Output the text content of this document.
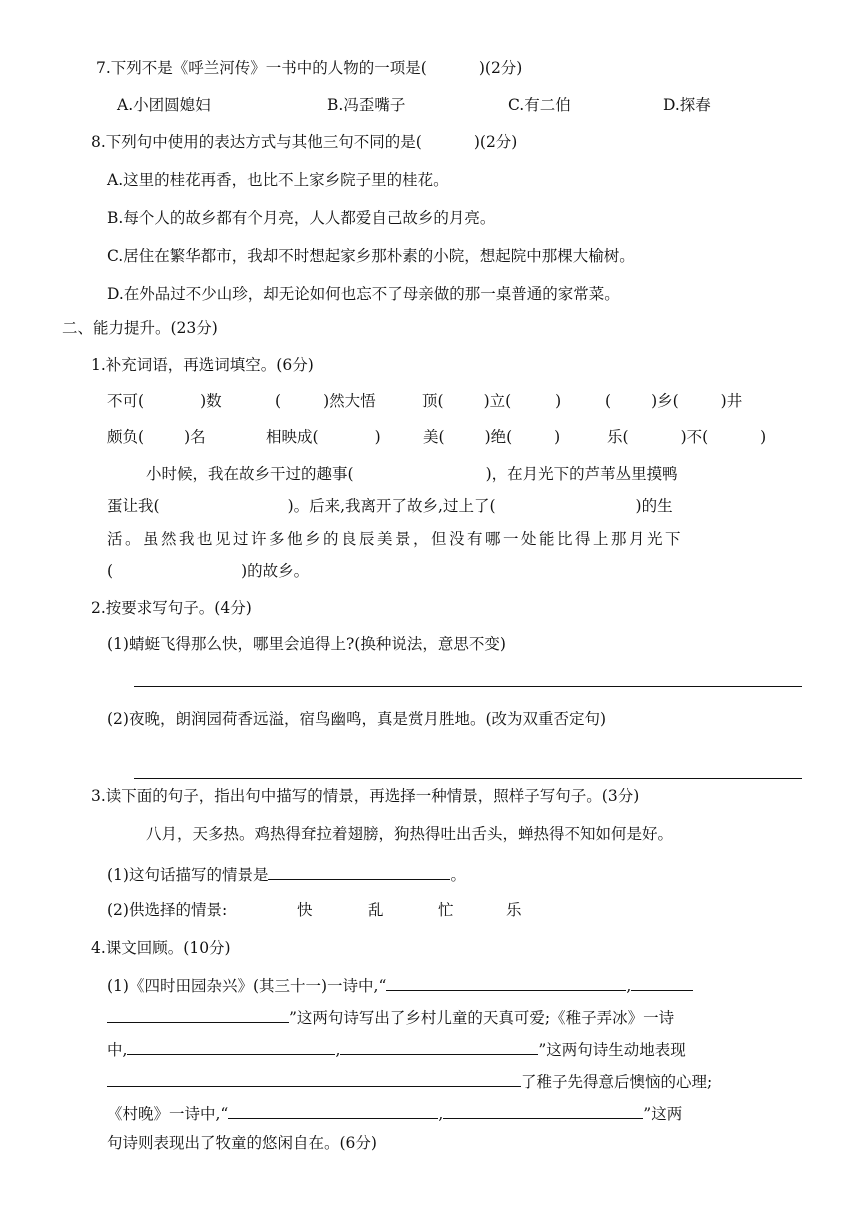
7.下列不是《呼兰河传》一书中的人物的一项是(	)(2分)
A.小团圆媳妇	B.冯歪嘴子	C.有二伯	D.探春
8.下列句中使用的表达方式与其他三句不同的是(	)(2分)
A.这里的桂花再香，也比不上家乡院子里的桂花。
B.每个人的故乡都有个月亮，人人都爱自己故乡的月亮。
C.居住在繁华都市，我却不时想起家乡那朴素的小院，想起院中那棵大榆树。
D.在外品过不少山珍，却无论如何也忘不了母亲做的那一桌普通的家常菜。
二、能力提升。(23分)
1.补充词语，再选词填空。(6分)
不可(	)数	(	)然大悟	顶(	)立(	)	(	)乡(	)井
颇负(	)名	相映成(	)	美(	)绝(	)	乐(	)不(	)
小时候，我在故乡干过的趣事(	)，在月光下的芦苇丛里摸鸭
蛋让我(	)。后来,我离开了故乡,过上了(	)的生
活。虽然我也见过许多他乡的良辰美景，但没有哪一处能比得上那月光下
(	)的故乡。
2.按要求写句子。(4分)
(1)蜻蜓飞得那么快，哪里会追得上?(换种说法，意思不变)
(2)夜晚，朗润园荷香远溢，宿鸟幽鸣，真是赏月胜地。(改为双重否定句)
3.读下面的句子，指出句中描写的情景，再选择一种情景，照样子写句子。(3分)
八月，天多热。鸡热得耷拉着翅膀，狗热得吐出舌头，蝉热得不知如何是好。
(1)这句话描写的情景是	。
(2)供选择的情景:	快	乱	忙	乐
4.课文回顾。(10分)
(1)《四时田园杂兴》(其三十一)一诗中,“	,
”这两句诗写出了乡村儿童的天真可爱;《稚子弄冰》一诗
中,	,	”这两句诗生动地表现
了稚子先得意后懊恼的心理;
《村晚》一诗中,“	,	”这两
句诗则表现出了牧童的悠闲自在。(6分)
